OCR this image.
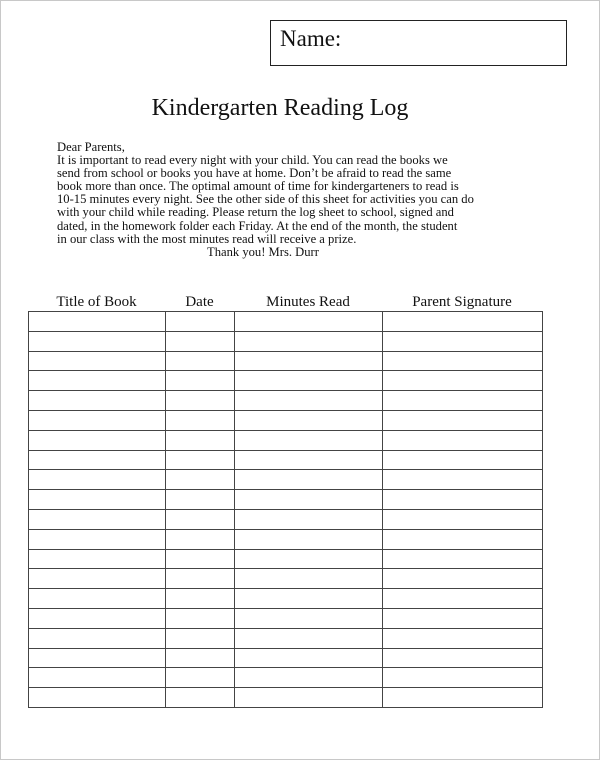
Name:
Kindergarten Reading Log
Dear Parents,
It is important to read every night with your child. You can read the books we
send from school or books you have at home. Don’t be afraid to read the same
book more than once. The optimal amount of time for kindergarteners to read is
10-15 minutes every night. See the other side of this sheet for activities you can do
with your child while reading. Please return the log sheet to school, signed and
dated, in the homework folder each Friday. At the end of the month, the student
in our class with the most minutes read will receive a prize.
Thank you! Mrs. Durr
Title of Book	Date	Minutes Read	Parent Signature
